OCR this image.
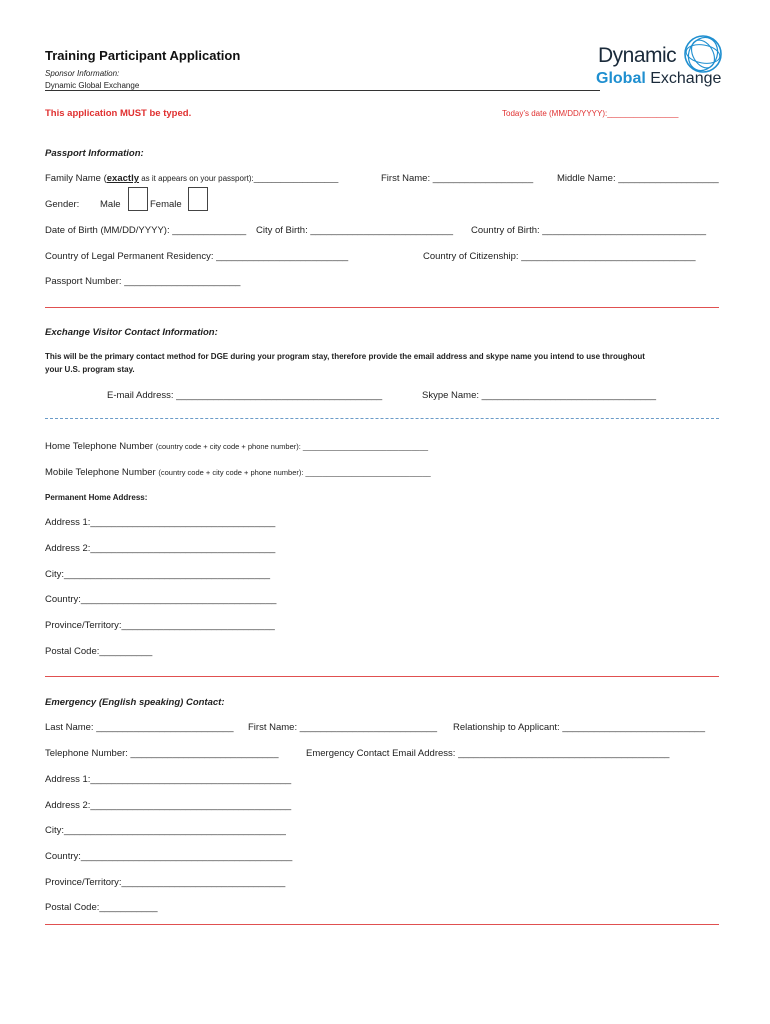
Training Participant Application
Sponsor Information:
Dynamic Global Exchange
Dynamic
Global Exchange
This application MUST be typed.	Today’s date (MM/DD/YYYY):________________
Passport Information:
Family Name (exactly as it appears on your passport):___________________	First Name: ___________________	Middle Name: ___________________
Gender: Male	Female
Date of Birth (MM/DD/YYYY): ______________ City of Birth: ___________________________ Country of Birth: _______________________________
Country of Legal Permanent Residency: _________________________	Country of Citizenship: _________________________________
Passport Number: ______________________
Exchange Visitor Contact Information:
This will be the primary contact method for DGE during your program stay, therefore provide the email address and skype name you intend to use throughout
your U.S. program stay.
E-mail Address: _______________________________________	Skype Name: _________________________________
Home Telephone Number (country code + city code + phone number): ______________________________
Mobile Telephone Number (country code + city code + phone number): ______________________________
Permanent Home Address:
Address 1:___________________________________
Address 2:___________________________________
City:_______________________________________
Country:_____________________________________
Province/Territory:_____________________________
Postal Code:__________
Emergency (English speaking) Contact:
Last Name: __________________________ First Name: __________________________ Relationship to Applicant: ___________________________
Telephone Number: ____________________________	Emergency Contact Email Address: ________________________________________
Address 1:______________________________________
Address 2:______________________________________
City:__________________________________________
Country:________________________________________
Province/Territory:_______________________________
Postal Code:___________
